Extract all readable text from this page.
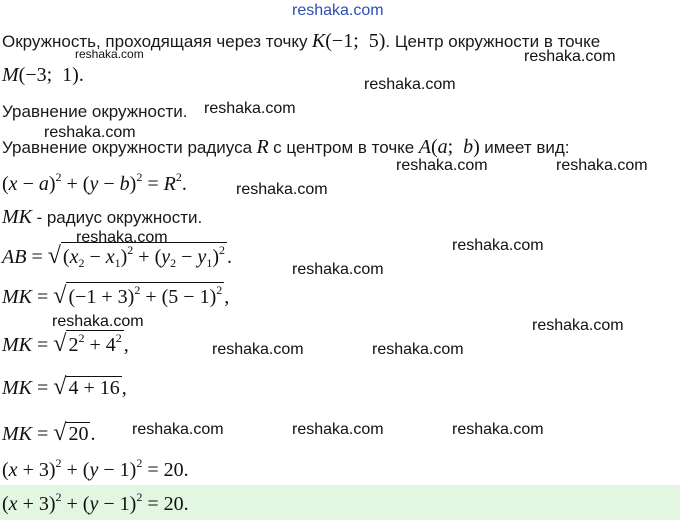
reshaka.com
Окружность, проходящаяя через точку K(−1;  5). Центр окружности в точке
M(−3;  1).
Уравнение окружности.
Уравнение окружности радиуса R с центром в точке A(a;  b) имеет вид:
$(x - a)^2 + (y - b)^2 = R^2$.
MK - радиус окружности.
AB = √ $(x_2 - x_1)^2 + (y_2 - y_1)^2$ .
MK = √ $(-1 + 3)^2 + (5 - 1)^2$ ,
MK = √ $2^2 + 4^2$ ,
MK = √ 4 + 16 ,
MK = √ 20 .
$(x + 3)^2 + (y - 1)^2 = 20$.
$(x + 3)^2 + (y - 1)^2 = 20$.
reshaka.com	reshaka.com
reshaka.com
reshaka.com
reshaka.com
reshaka.com	reshaka.com
reshaka.com
reshaka.com	reshaka.com
reshaka.com
reshaka.com	reshaka.com
reshaka.com	reshaka.com
reshaka.com	reshaka.com	reshaka.com
